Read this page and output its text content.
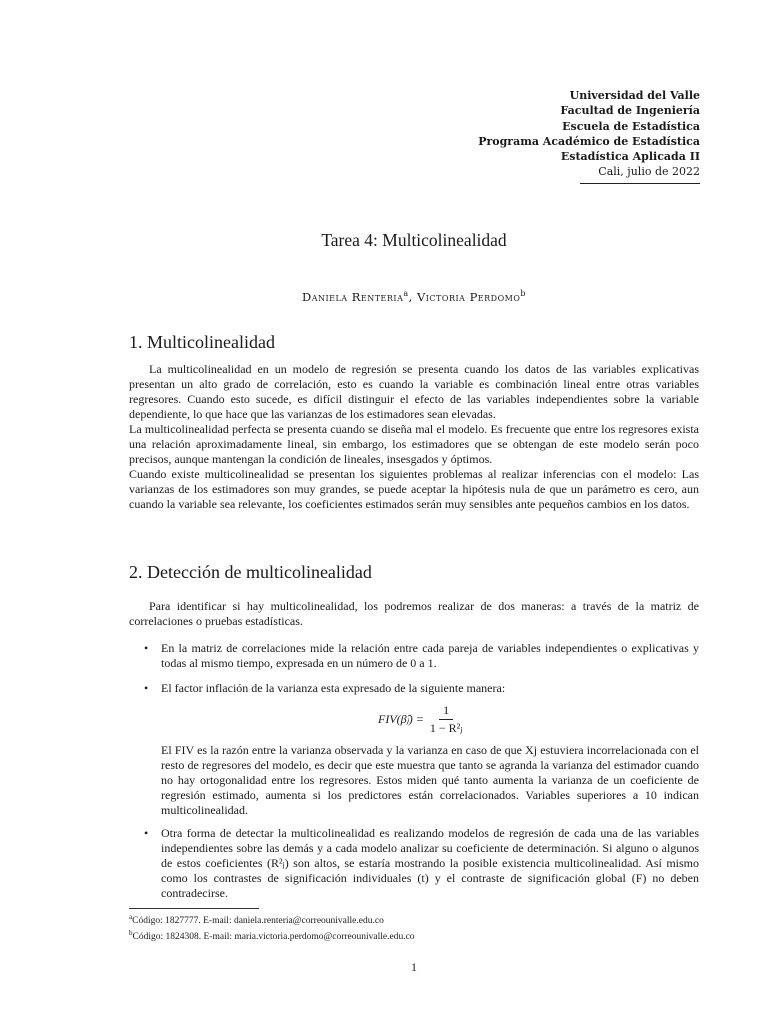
Universidad del Valle
Facultad de Ingeniería
Escuela de Estadística
Programa Académico de Estadística
Estadística Aplicada II
Cali, julio de 2022
Tarea 4: Multicolinealidad
Daniela Renteria$^a$, Victoria Perdomo$^b$
1. Multicolinealidad

La multicolinealidad en un modelo de regresión se presenta cuando los datos de las variables explicativas presentan un alto grado de correlación, esto es cuando la variable es combinación lineal entre otras variables regresores. Cuando esto sucede, es difícil distinguir el efecto de las variables independientes sobre la variable dependiente, lo que hace que las varianzas de los estimadores sean elevadas.

La multicolinealidad perfecta se presenta cuando se diseña mal el modelo. Es frecuente que entre los regresores exista una relación aproximadamente lineal, sin embargo, los estimadores que se obtengan de este modelo serán poco precisos, aunque mantengan la condición de lineales, insesgados y óptimos.

Cuando existe multicolinealidad se presentan los siguientes problemas al realizar inferencias con el modelo: Las varianzas de los estimadores son muy grandes, se puede aceptar la hipótesis nula de que un parámetro es cero, aun cuando la variable sea relevante, los coeficientes estimados serán muy sensibles ante pequeños cambios en los datos.

2. Detección de multicolinealidad

Para identificar si hay multicolinealidad, los podremos realizar de dos maneras: a través de la matriz de correlaciones o pruebas estadísticas.

• En la matriz de correlaciones mide la relación entre cada pareja de variables independientes o explicativas y todas al mismo tiempo, expresada en un número de 0 a 1.
• El factor inflación de la varianza esta expresado de la siguiente manera:
FIV(β̂ⱼ) = $\frac{1}{\text{1 − R²ⱼ}}$
El FIV es la razón entre la varianza observada y la varianza en caso de que Xj estuviera incorrelacionada con el resto de regresores del modelo, es decir que este muestra que tanto se agranda la varianza del estimador cuando no hay ortogonalidad entre los regresores. Estos miden qué tanto aumenta la varianza de un coeficiente de regresión estimado, aumenta si los predictores están correlacionados. Variables superiores a 10 indican multicolinealidad.
• Otra forma de detectar la multicolinealidad es realizando modelos de regresión de cada una de las variables independientes sobre las demás y a cada modelo analizar su coeficiente de determinación. Si alguno o algunos de estos coeficientes (R²ⱼ) son altos, se estaría mostrando la posible existencia multicolinealidad. Así mismo como los contrastes de significación individuales (t) y el contraste de significación global (F) no deben contradecirse.
$^a$Código: 1827777. E-mail: daniela.renteria@correounivalle.edu.co
$^b$Código: 1824308. E-mail: maria.victoria.perdomo@correounivalle.edu.co
1
